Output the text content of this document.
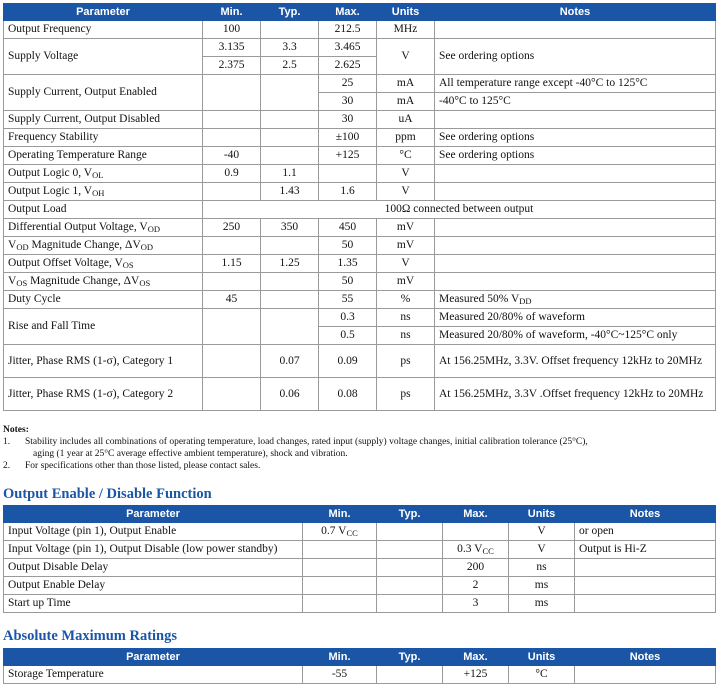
Parameter	Min.	Typ.	Max.	Units	Notes
Output Frequency	100		212.5	MHz	
Supply Voltage	3.135	3.3	3.465	V	See ordering options
	2.375	2.5	2.625		
Supply Current, Output Enabled			25	mA	All temperature range except -40°C to 125°C
			30	mA	-40°C to 125°C
Supply Current, Output Disabled			30	uA	
Frequency Stability			±100	ppm	See ordering options
Operating Temperature Range	-40		+125	°C	See ordering options
Output Logic 0, $V_{OL}$	0.9	1.1		V	
Output Logic 1, $V_{OH}$		1.43	1.6	V	
Output Load	100Ω connected between output				
Differential Output Voltage, $V_{OD}$	250	350	450	mV	
$V_{OD}$ Magnitude Change, $\Delta V_{OD}$			50	mV	
Output Offset Voltage, $V_{OS}$	1.15	1.25	1.35	V	
$V_{OS}$ Magnitude Change, $\Delta V_{OS}$			50	mV	
Duty Cycle	45		55	%	Measured 50% $V_{DD}$
Rise and Fall Time			0.3	ns	Measured 20/80% of waveform
			0.5	ns	Measured 20/80% of waveform, -40°C~125°C only
Jitter, Phase RMS (1-σ), Category 1		0.07	0.09	ps	At 156.25MHz, 3.3V. Offset frequency 12kHz to 20MHz
Jitter, Phase RMS (1-σ), Category 2		0.06	0.08	ps	At 156.25MHz, 3.3V .Offset frequency 12kHz to 20MHz
Notes:
1. Stability includes all combinations of operating temperature, load changes, rated input (supply) voltage changes, initial calibration tolerance (25°C),
aging (1 year at 25°C average effective ambient temperature), shock and vibration.
2. For specifications other than those listed, please contact sales.
Output Enable / Disable Function
Parameter	Min.	Typ.	Max.	Units	Notes
Input Voltage (pin 1), Output Enable	0.7 $V_{CC}$			V	or open
Input Voltage (pin 1), Output Disable (low power standby)			0.3 $V_{CC}$	V	Output is Hi-Z
Output Disable Delay			200	ns	
Output Enable Delay			2	ms	
Start up Time			3	ms	
Absolute Maximum Ratings
Parameter	Min.	Typ.	Max.	Units	Notes
Storage Temperature	-55		+125	°C	
